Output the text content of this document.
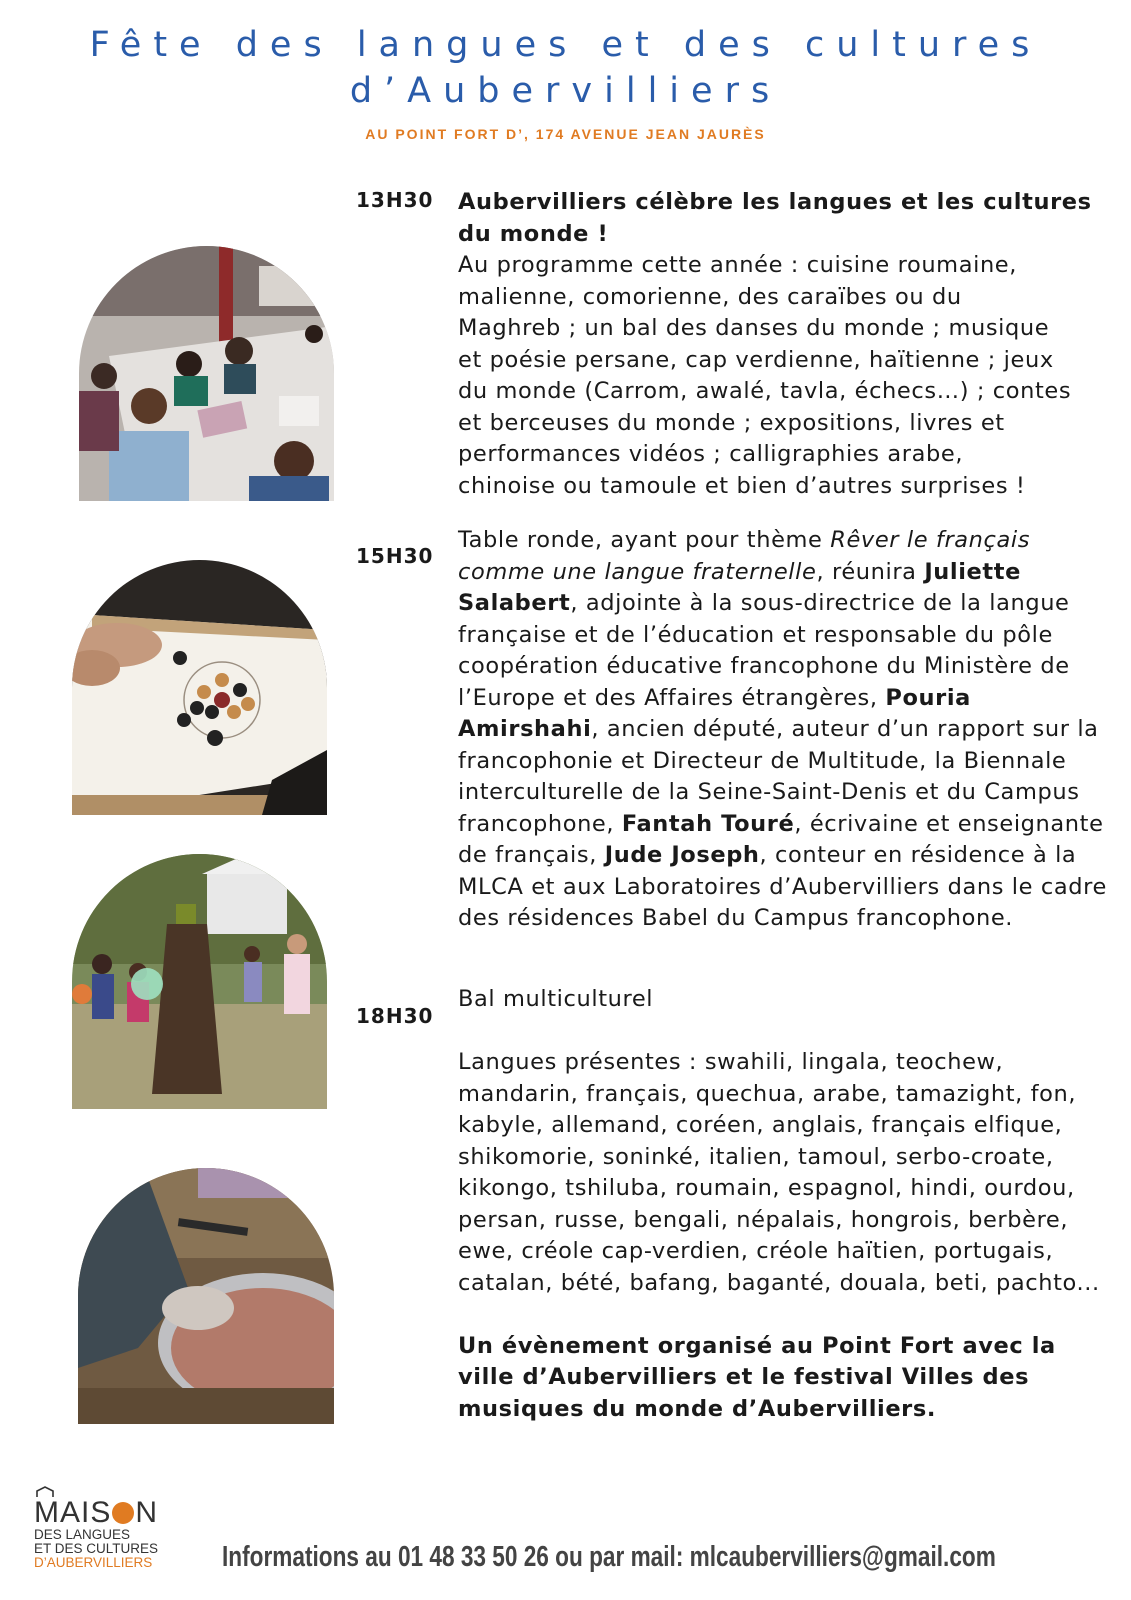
Fête des langues et des cultures
d’Aubervilliers
AU POINT FORT D’, 174 AVENUE JEAN JAURÈS
13H30 Aubervilliers célèbre les langues et les cultures du monde !

Au programme cette année : cuisine roumaine,

malienne, comorienne, des caraïbes ou du

Maghreb ; un bal des danses du monde ; musique

et poésie persane, cap verdienne, haïtienne ; jeux

du monde (Carrom, awalé, tavla, échecs…) ; contes

et berceuses du monde ; expositions, livres et

performances vidéos ; calligraphies arabe,

chinoise ou tamoule et bien d’autres surprises !

15H30

Table ronde, ayant pour thème Rêver le français comme une langue fraternelle, réunira Juliette Salabert, adjointe à la sous-directrice de la langue française et de l’éducation et responsable du pôle coopération éducative francophone du Ministère de l’Europe et des Affaires étrangères, Pouria Amirshahi, ancien député, auteur d’un rapport sur la francophonie et Directeur de Multitude, la Biennale interculturelle de la Seine-Saint-Denis et du Campus francophone, Fantah Touré, écrivaine et enseignante de français, Jude Joseph, conteur en résidence à la MLCA et aux Laboratoires d’Aubervilliers dans le cadre des résidences Babel du Campus francophone.

18H30

Bal multiculturel

Langues présentes : swahili, lingala, teochew, mandarin, français, quechua, arabe, tamazight, fon, kabyle, allemand, coréen, anglais, français elfique, shikomorie, soninké, italien, tamoul, serbo-croate, kikongo, tshiluba, roumain, espagnol, hindi, ourdou, persan, russe, bengali, népalais, hongrois, berbère, ewe, créole cap-verdien, créole haïtien, portugais, catalan, bété, bafang, baganté, douala, beti, pachto...

Un évènement organisé au Point Fort avec la ville d’Aubervilliers et le festival Villes des musiques du monde d’Aubervilliers.

MAIS N
DES LANGUES
ET DES CULTURES
D’AUBERVILLIERS	Informations au 01 48 33 50 26 ou par mail: mlcaubervilliers@gmail.com
